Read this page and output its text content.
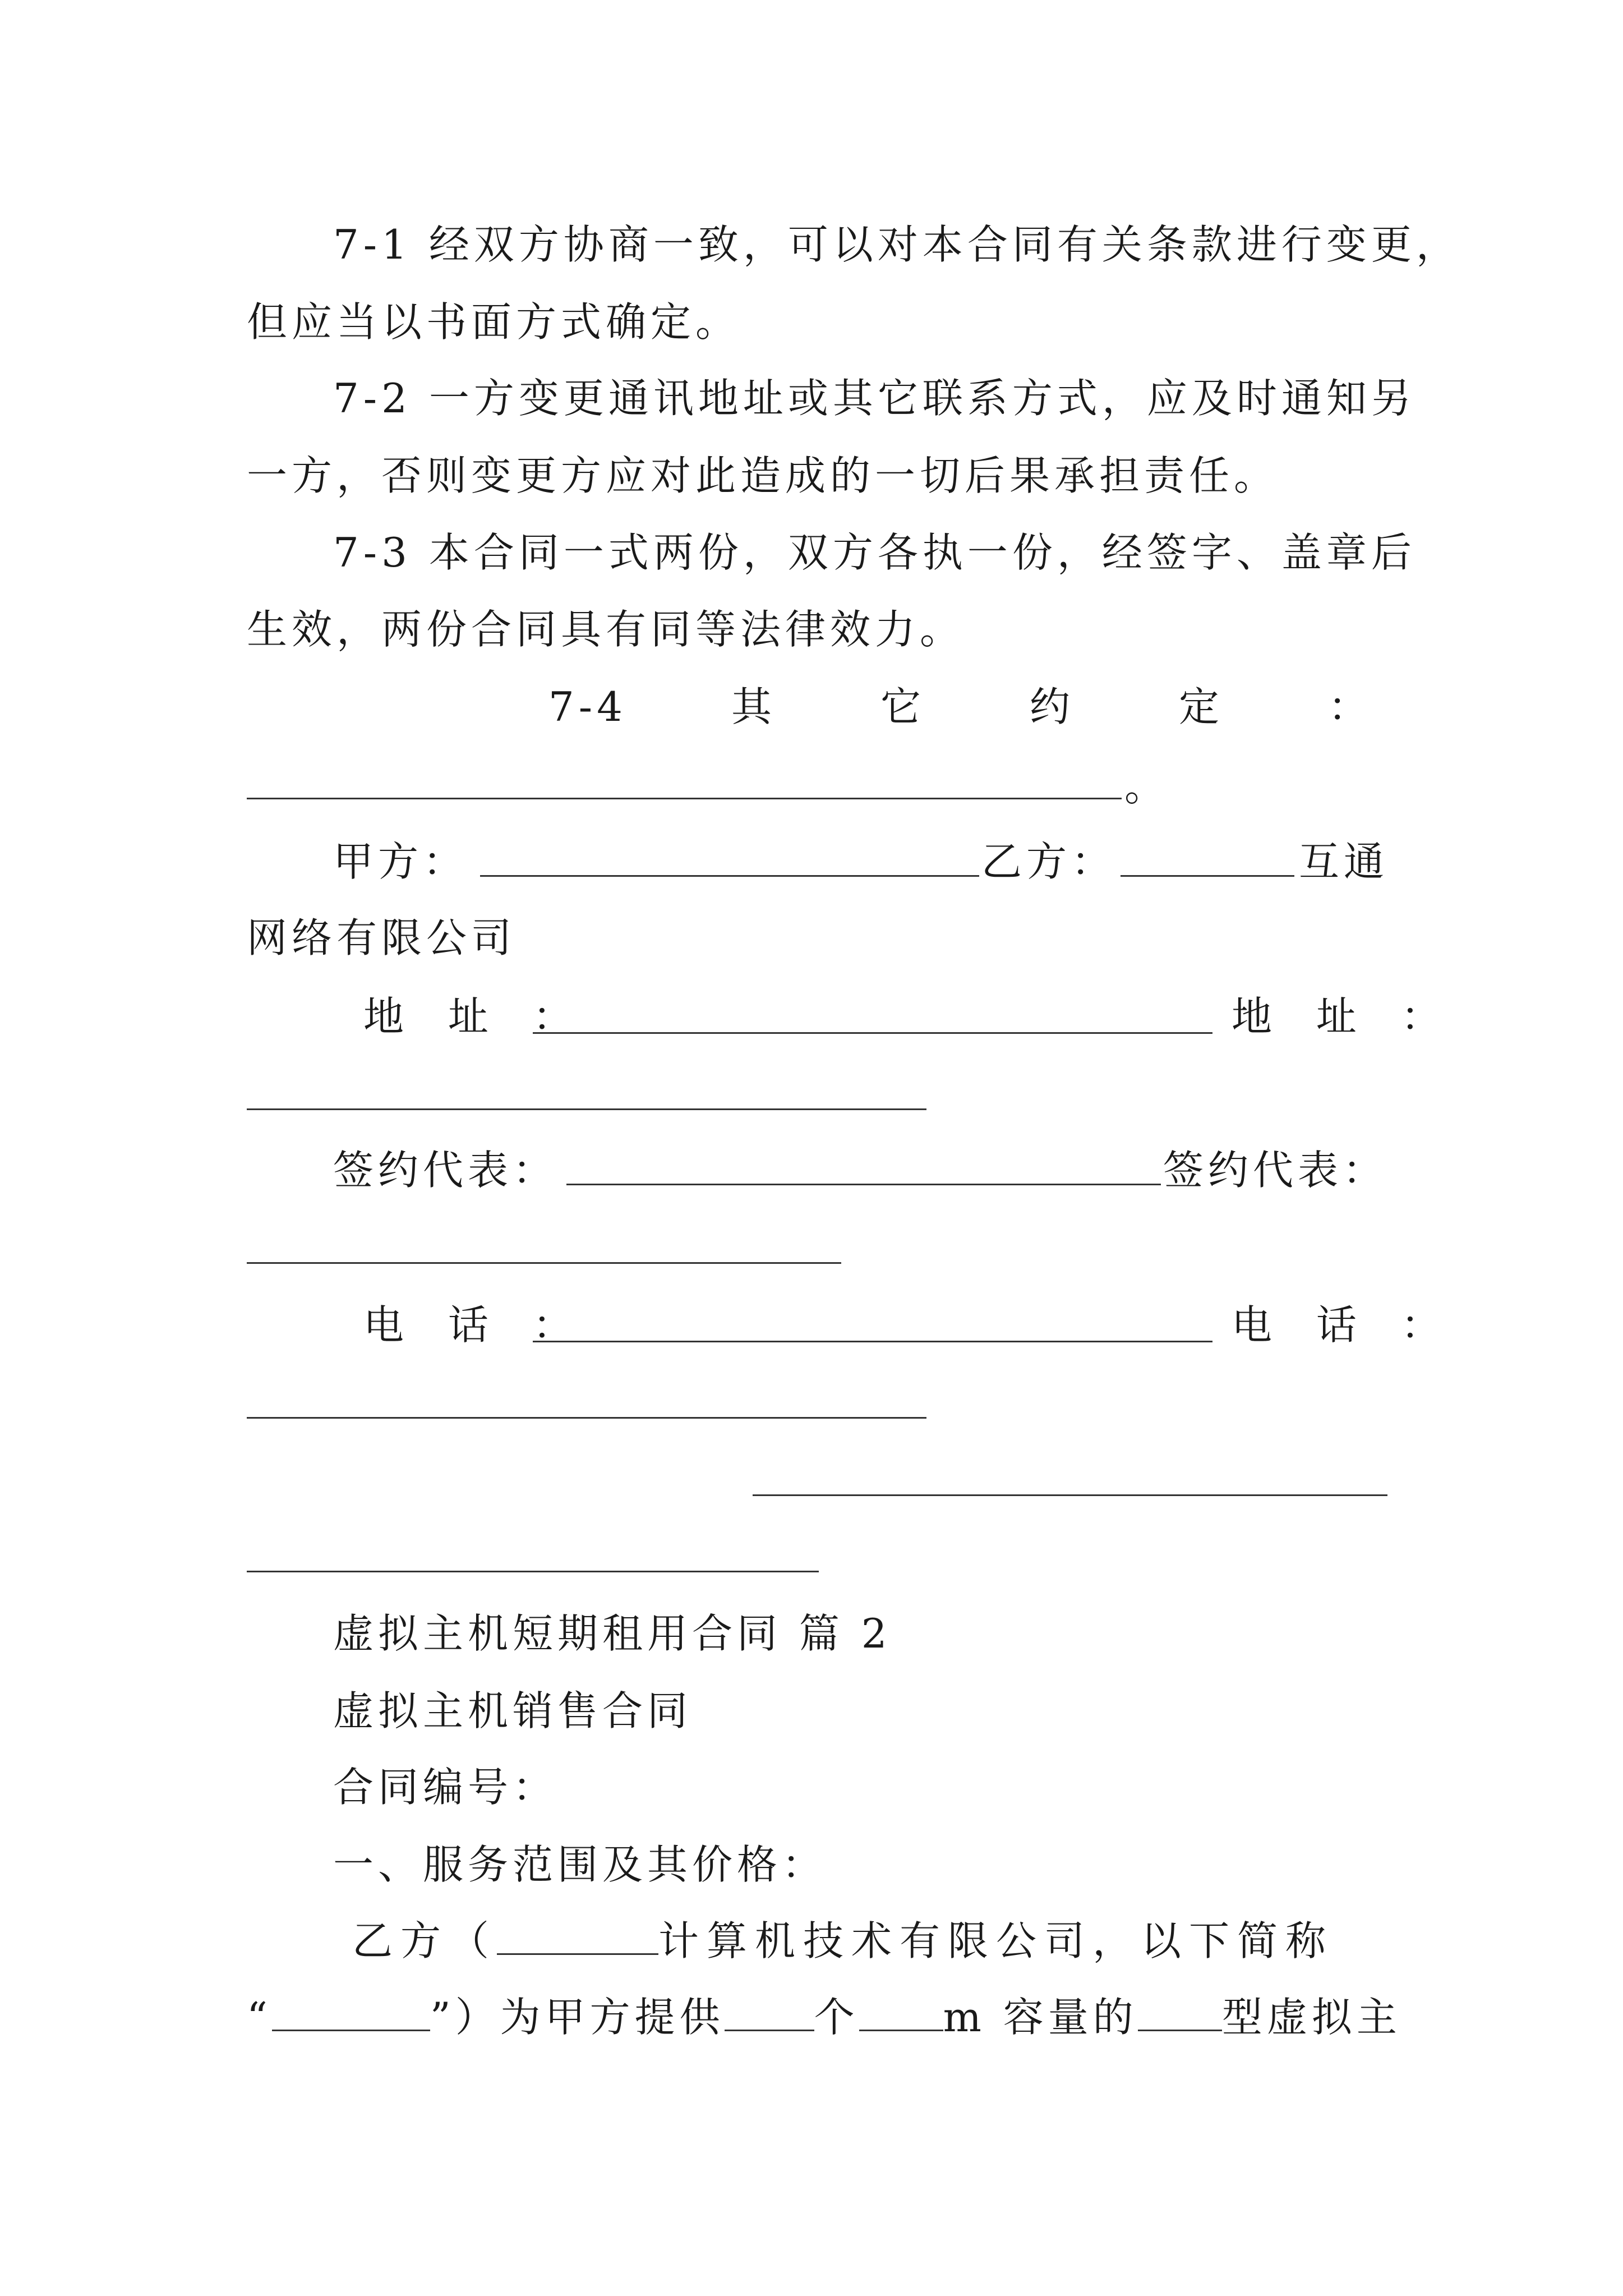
7-1 经双方协商一致，可以对本合同有关条款进行变更，
但应当以书面方式确定。
7-2 一方变更通讯地址或其它联系方式，应及时通知另
一方，否则变更方应对此造成的一切后果承担责任。
7-3 本合同一式两份，双方各执一份，经签字、盖章后
生效，两份合同具有同等法律效力。
7-4	其	它	约	定	：
。
甲方：	乙方：	互通
网络有限公司
地 址 ：	地 址 ：
签约代表：	签约代表：
电 话 ：	电 话 ：
虚拟主机短期租用合同 篇 2
虚拟主机销售合同
合同编号：
一、服务范围及其价格：
乙方（	计算机技术有限公司，以下简称
“	”）为甲方提供 个 m 容量的 型虚拟主
